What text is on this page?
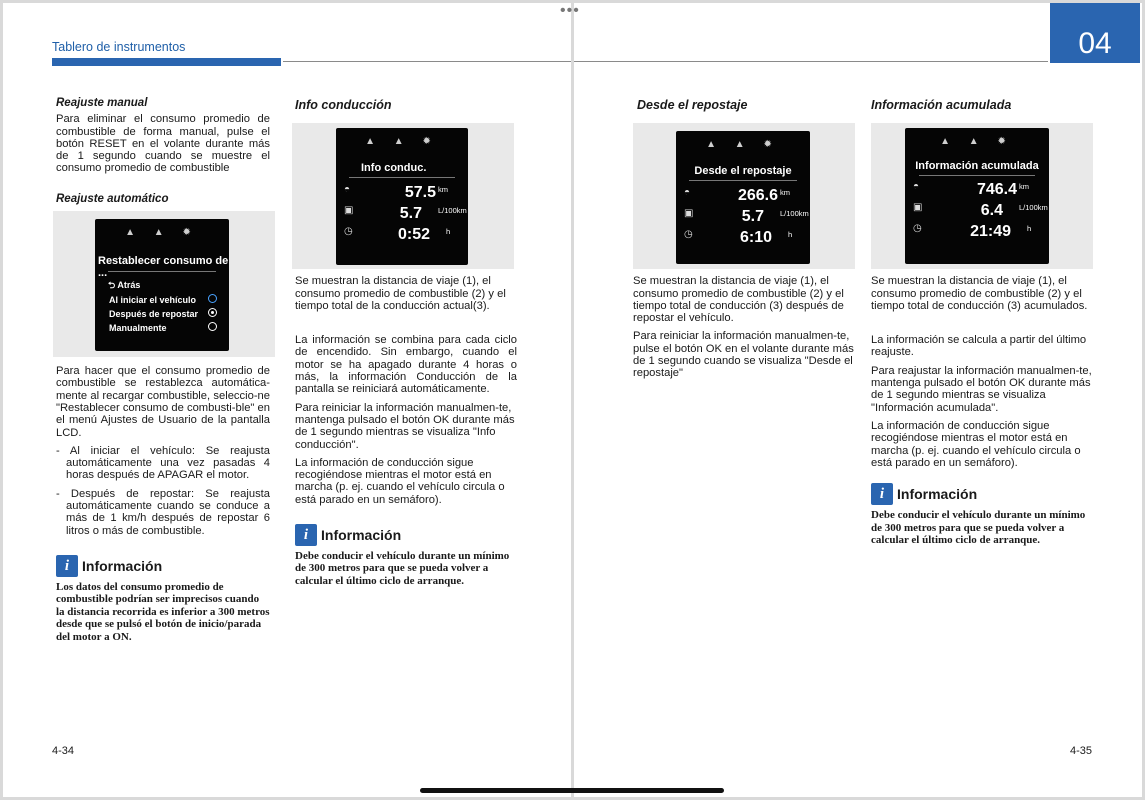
Tablero de instrumentos
Reajuste manual

Para eliminar el consumo promedio de combustible de forma manual, pulse el botón RESET en el volante durante más de 1 segundo cuando se muestre el consumo promedio de combustible

Reajuste automático
▲ ▲ ✹
Restablecer consumo de ...
⮌ Atrás
Al iniciar el vehículo
Después de repostar
Manualmente

Para hacer que el consumo promedio de combustible se restablezca automática-mente al recargar combustible, seleccio-ne "Restablecer consumo de combusti-ble" en el menú Ajustes de Usuario de la pantalla LCD.

- Al iniciar el vehículo: Se reajusta automáticamente una vez pasadas 4 horas después de APAGAR el motor.

- Después de repostar: Se reajusta automáticamente cuando se conduce a más de 1 km/h después de repostar 6 litros o más de combustible.

i Información
Los datos del consumo promedio de combustible podrían ser imprecisos cuando la distancia recorrida es inferior a 300 metros desde que se pulsó el botón de inicio/parada del motor a ON.
Info conducción
▲ ▲ ✹
Info conduc.
◓	57.5 km
▣	5.7 L/100km
◷	0:52 h

Se muestran la distancia de viaje (1), el consumo promedio de combustible (2) y el tiempo total de la conducción actual(3).

La información se combina para cada ciclo de encendido. Sin embargo, cuando el motor se ha apagado durante 4 horas o más, la información Conducción de la pantalla se reiniciará automáticamente.

Para reiniciar la información manualmen-te, mantenga pulsado el botón OK durante más de 1 segundo mientras se visualiza "Info conducción".

La información de conducción sigue recogiéndose mientras el motor está en marcha (p. ej. cuando el vehículo circula o está parado en un semáforo).

i Información
Debe conducir el vehículo durante un mínimo de 300 metros para que se pueda volver a calcular el último ciclo de arranque.
4-34
04
Desde el repostaje
▲ ▲ ✹
Desde el repostaje
◓	266.6 km
▣	5.7 L/100km
◷	6:10 h

Se muestran la distancia de viaje (1), el consumo promedio de combustible (2) y el tiempo total de conducción (3) después de repostar el vehículo.

Para reiniciar la información manualmen-te, pulse el botón OK en el volante durante más de 1 segundo cuando se visualiza "Desde el repostaje"

Información acumulada
▲ ▲ ✹
Información acumulada
◓	746.4 km
▣	6.4 L/100km
◷	21:49 h

Se muestran la distancia de viaje (1), el consumo promedio de combustible (2) y el tiempo total de conducción (3) acumulados.

La información se calcula a partir del último reajuste.

Para reajustar la información manualmen-te, mantenga pulsado el botón OK durante más de 1 segundo mientras se visualiza "Información acumulada".

La información de conducción sigue recogiéndose mientras el motor está en marcha (p. ej. cuando el vehículo circula o está parado en un semáforo).

i Información
Debe conducir el vehículo durante un mínimo de 300 metros para que se pueda volver a calcular el último ciclo de arranque.
4-35
•••
